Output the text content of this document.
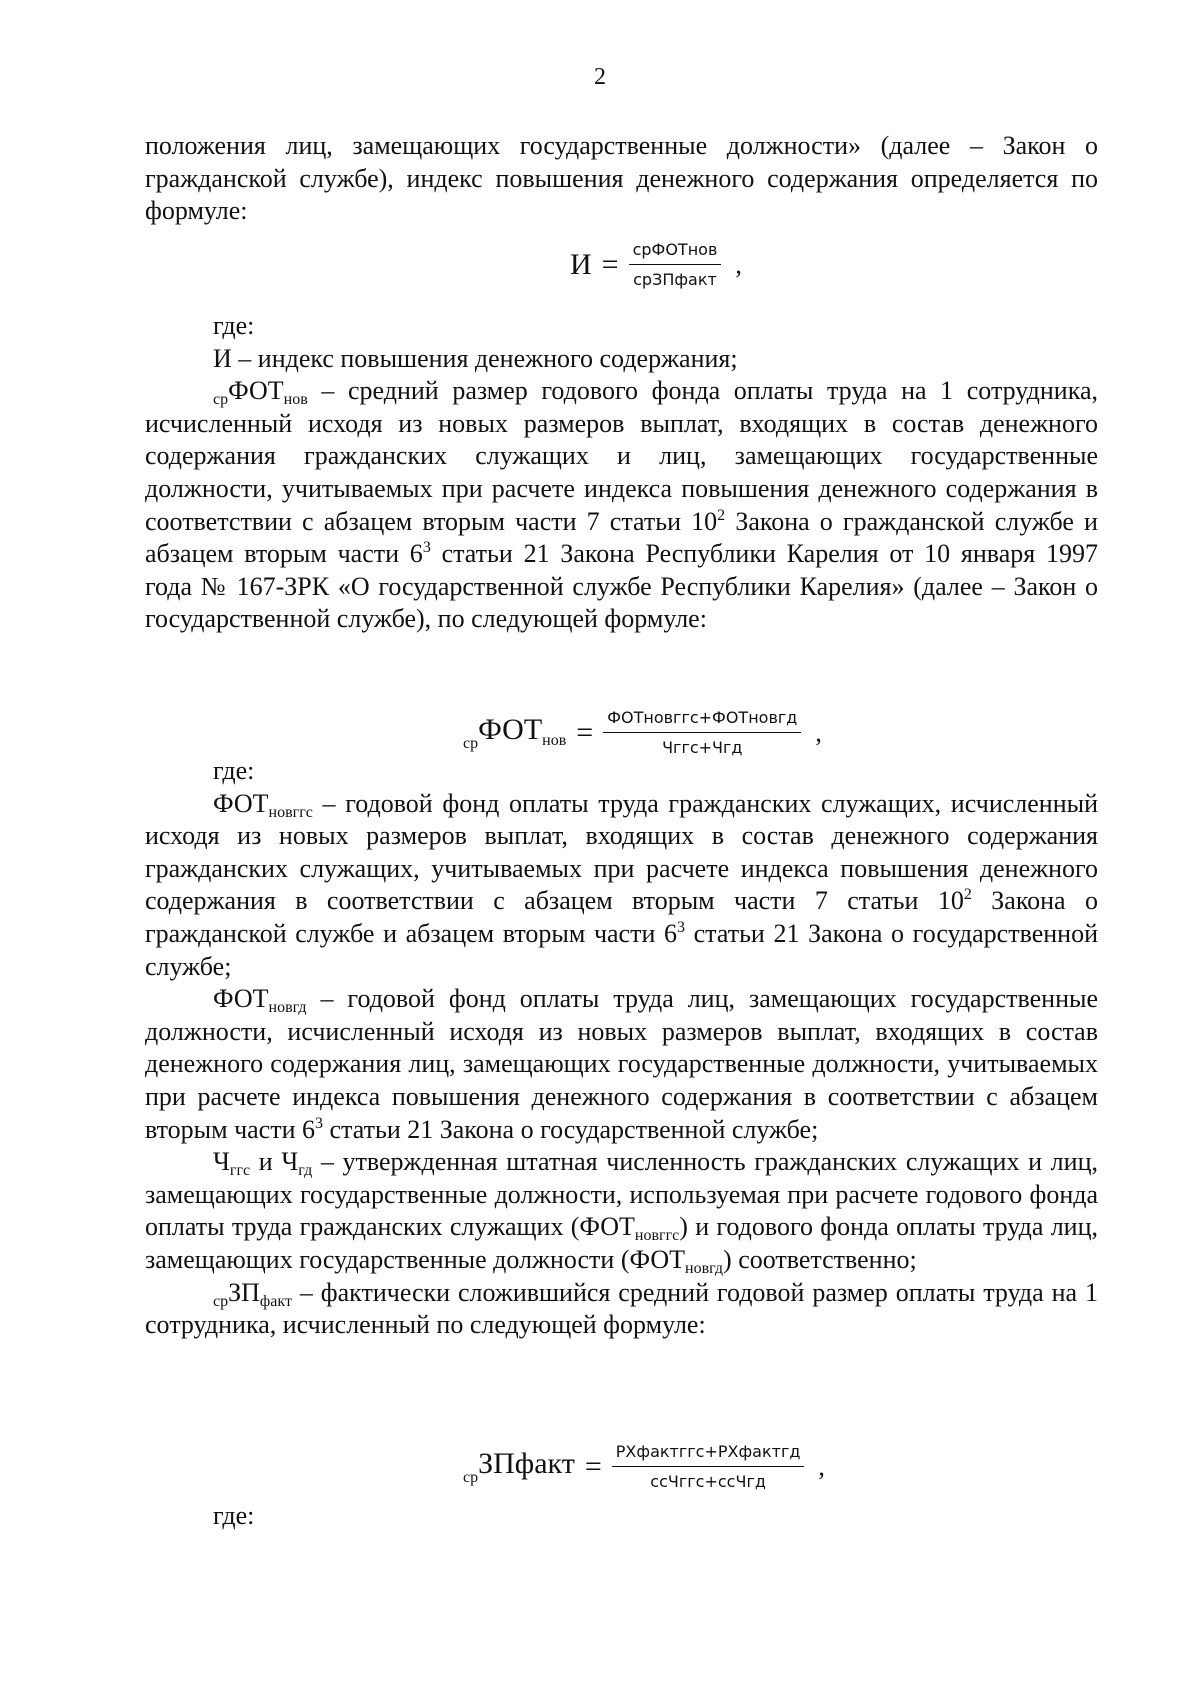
2

положения лиц, замещающих государственные должности» (далее – Закон о гражданской службе), индекс повышения денежного содержания определяется по формуле:

$И = \frac{\text{срФОТнов}}{\text{срЗПфакт}}$ ,

где:

И – индекс повышения денежного содержания;

срФОТ$_{нов}$ – средний размер годового фонда оплаты труда на 1 сотрудника, исчисленный исходя из новых размеров выплат, входящих в состав денежного содержания гражданских служащих и лиц, замещающих государственные должности, учитываемых при расчете индекса повышения денежного содержания в соответствии с абзацем вторым части 7 статьи $10^2$ Закона о гражданской службе и абзацем вторым части $6^3$ статьи 21 Закона Республики Карелия от 10 января 1997 года № 167-ЗРК «О государственной службе Республики Карелия» (далее – Закон о государственной службе), по следующей формуле:

$_{ср}ФОТ_{нов} = \frac{\text{ФОТновггс+ФОТновгд}}{\text{Чггс+Чгд}}$ ,

где:

$ФОТ_{новггс}$ – годовой фонд оплаты труда гражданских служащих, исчисленный исходя из новых размеров выплат, входящих в состав денежного содержания гражданских служащих, учитываемых при расчете индекса повышения денежного содержания в соответствии с абзацем вторым части 7 статьи $10^2$ Закона о гражданской службе и абзацем вторым части $6^3$ статьи 21 Закона о государственной службе;

$ФОТ_{новгд}$ – годовой фонд оплаты труда лиц, замещающих государственные должности, исчисленный исходя из новых размеров выплат, входящих в состав денежного содержания лиц, замещающих государственные должности, учитываемых при расчете индекса повышения денежного содержания в соответствии с абзацем вторым части $6^3$ статьи 21 Закона о государственной службе;

$Ч_{ггс}$ и $Ч_{гд}$ – утвержденная штатная численность гражданских служащих и лиц, замещающих государственные должности, используемая при расчете годового фонда оплаты труда гражданских служащих $(ФОТ_{новггс})$ и годового фонда оплаты труда лиц, замещающих государственные должности $(ФОТ_{новгд})$ соответственно;

срЗП$_{факт}$ – фактически сложившийся средний годовой размер оплаты труда на 1 сотрудника, исчисленный по следующей формуле:

$_{ср}$ЗПфакт = $\frac{\text{РХфактггс+РХфактгд}}{\text{ссЧггс+ссЧгд}}$ ,

где:
